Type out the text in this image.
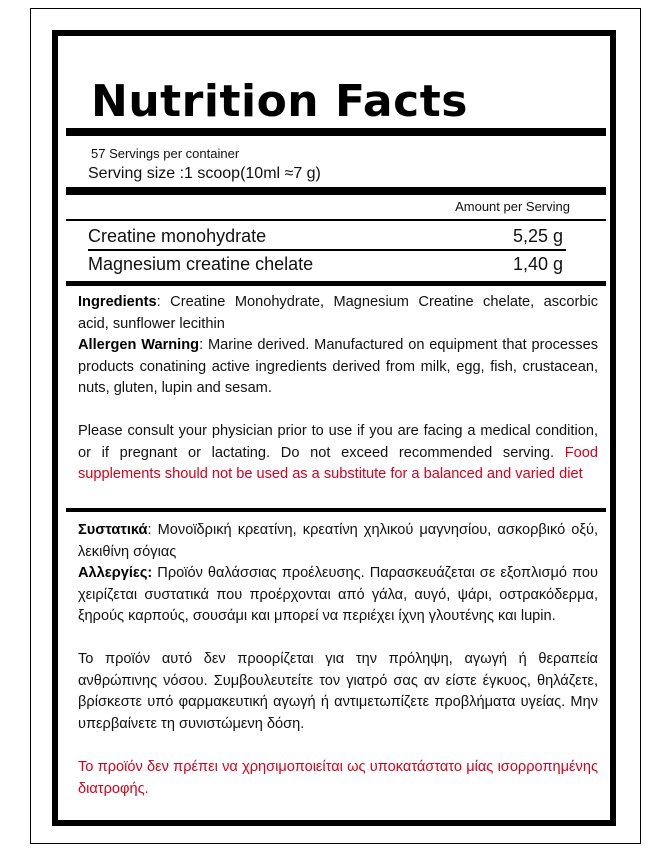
Nutrition Facts
57 Servings per container
Serving size :1 scoop(10ml ≈7 g)
Amount per Serving
Creatine monohydrate	5,25 g
Magnesium creatine chelate	1,40 g

Ingredients: Creatine Monohydrate, Magnesium Creatine chelate, ascorbic acid, sunflower lecithin

Allergen Warning: Marine derived. Manufactured on equipment that processes products conatining active ingredients derived from milk, egg, fish, crustacean, nuts, gluten, lupin and sesam.

Please consult your physician prior to use if you are facing a medical condition, or if pregnant or lactating. Do not exceed recommended serving. Food supplements should not be used as a substitute for a balanced and varied diet

Συστατικά: Μονοϊδρική κρεατίνη, κρεατίνη χηλικού μαγνησίου, ασκορβικό οξύ, λεκιθίνη σόγιας

Αλλεργίες: Προϊόν θαλάσσιας προέλευσης. Παρασκευάζεται σε εξοπλισμό που χειρίζεται συστατικά που προέρχονται από γάλα, αυγό, ψάρι, οστρακόδερμα, ξηρούς καρπούς, σουσάμι και μπορεί να περιέχει ίχνη γλουτένης και lupin.

Το προϊόν αυτό δεν προορίζεται για την πρόληψη, αγωγή ή θεραπεία ανθρώπινης νόσου. Συμβουλευτείτε τον γιατρό σας αν είστε έγκυος, θηλάζετε, βρίσκεστε υπό φαρμακευτική αγωγή ή αντιμετωπίζετε προβλήματα υγείας. Μην υπερβαίνετε τη συνιστώμενη δόση.

Το προϊόν δεν πρέπει να χρησιμοποιείται ως υποκατάστατο μίας ισορροπημένης διατροφής.
